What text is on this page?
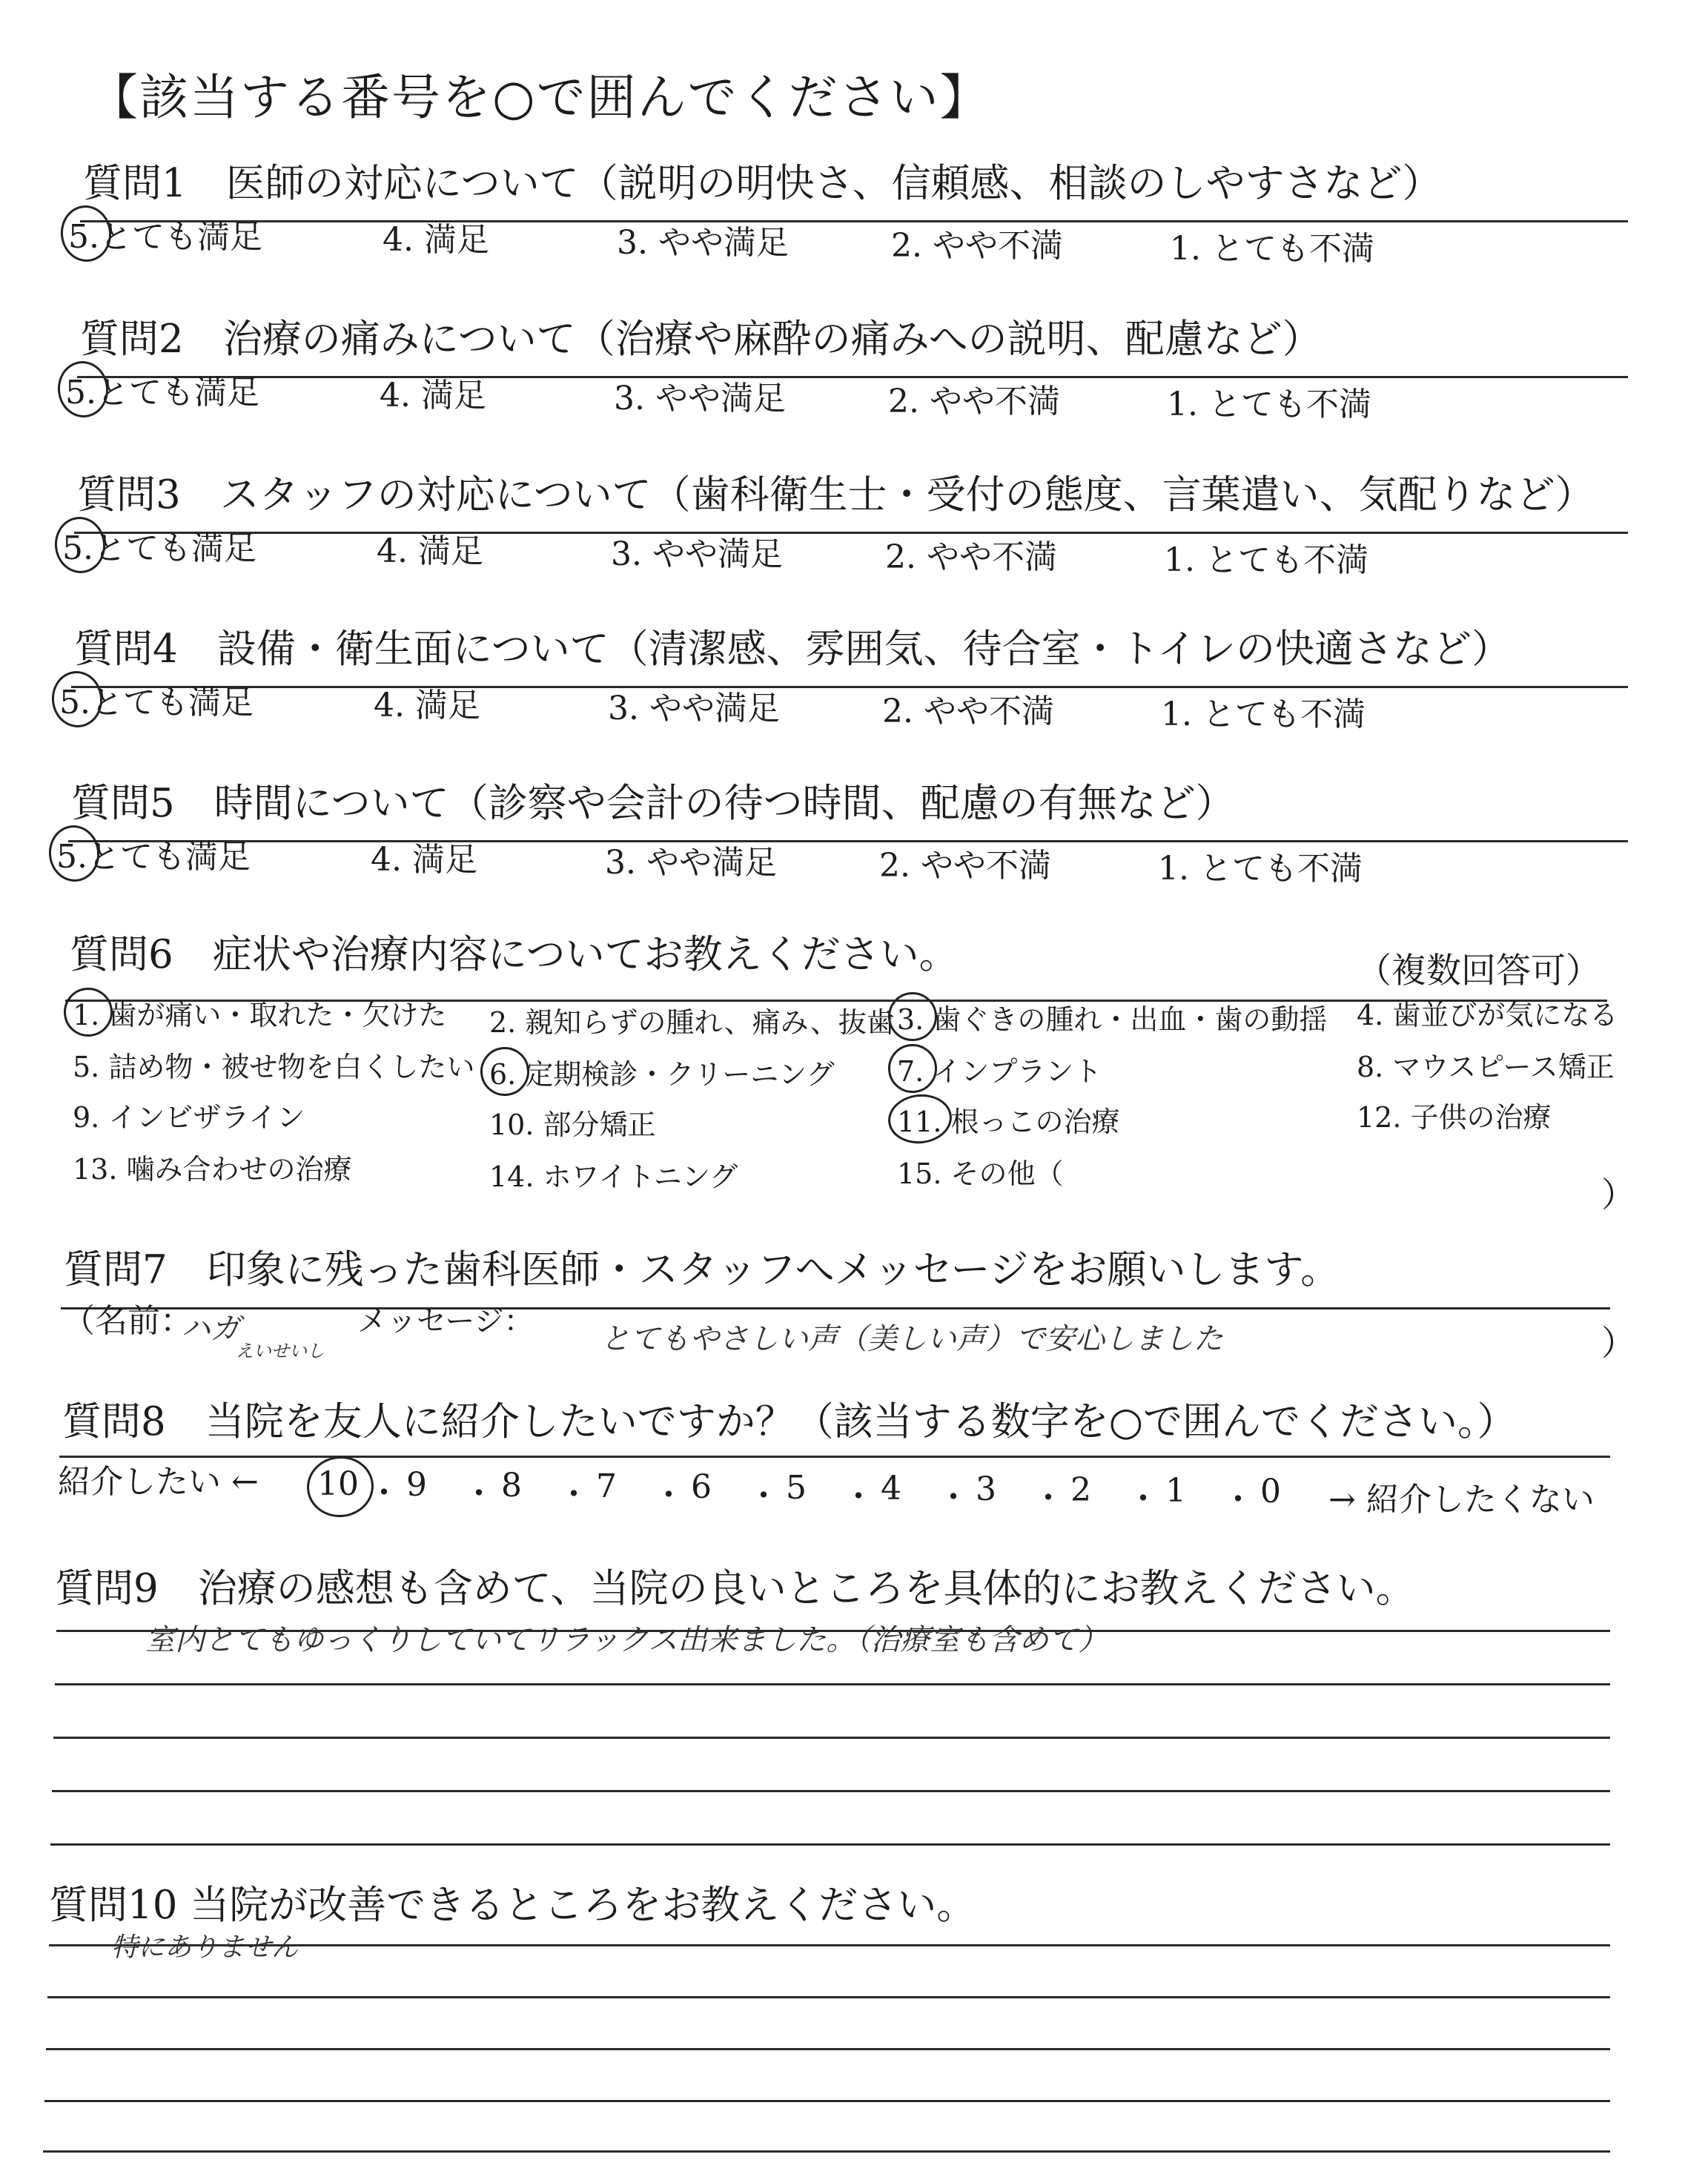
【該当する番号を○で囲んでください】
質問1　医師の対応について（説明の明快さ、信頼感、相談のしやすさなど）
5.とても満足	4. 満足	3. やや満足	2. やや不満	1. とても不満
質問2　治療の痛みについて（治療や麻酔の痛みへの説明、配慮など）
5.とても満足	4. 満足	3. やや満足	2. やや不満	1. とても不満
質問3　スタッフの対応について（歯科衛生士・受付の態度、言葉遣い、気配りなど）
5.とても満足	4. 満足	3. やや満足	2. やや不満	1. とても不満
質問4　設備・衛生面について（清潔感、雰囲気、待合室・トイレの快適さなど）
5.とても満足	4. 満足	3. やや満足	2. やや不満	1. とても不満
質問5　時間について（診察や会計の待つ時間、配慮の有無など）
5.とても満足	4. 満足	3. やや満足	2. やや不満	1. とても不満
質問6　症状や治療内容についてお教えください。	（複数回答可）
1. 歯が痛い・取れた・欠けた 2. 親知らずの腫れ、痛み、抜歯 3. 歯ぐきの腫れ・出血・歯の動揺 4. 歯並びが気になる
5. 詰め物・被せ物を白くしたい 6. 定期検診・クリーニング 7. インプラント	8. マウスピース矯正
9. インビザライン	10. 部分矯正	11. 根っこの治療	12. 子供の治療
13. 噛み合わせの治療	14. ホワイトニング	15. その他（
）
質問7　印象に残った歯科医師・スタッフへメッセージをお願いします。
（名前：
ハガ
えいせいし
メッセージ：
とてもやさしい声（美しい声）で安心しました	）
質問8　当院を友人に紹介したいですか？（該当する数字を○で囲んでください。）
紹介したい ←	→ 紹介したくない
10 ・ 9 ・ 8 ・ 7 ・ 6 ・ 5 ・ 4 ・ 3 ・ 2 ・ 1 ・ 0
質問9　治療の感想も含めて、当院の良いところを具体的にお教えください。
室内とてもゆっくりしていてリラックス出来ました。（治療室も含めて）
質問10 当院が改善できるところをお教えください。
特にありません
